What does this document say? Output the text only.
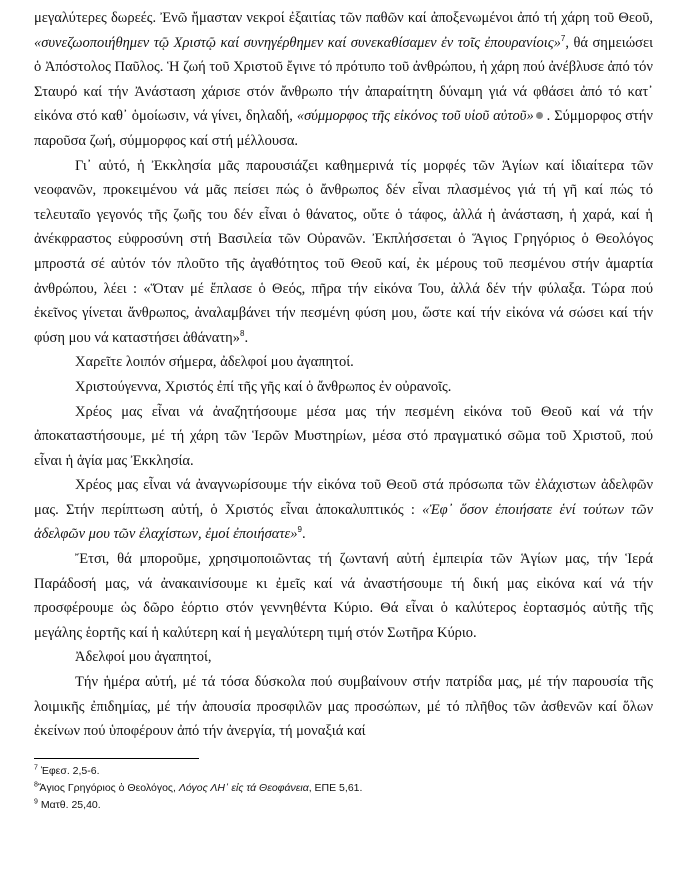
μεγαλύτερες δωρεές. Ἐνῶ ἤμασταν νεκροί ἐξαιτίας τῶν παθῶν καί ἀποξενωμένοι ἀπό τή χάρη τοῦ Θεοῦ, «συνεζωοποιήθημεν τῷ Χριστῷ καί συνηγέρθημεν καί συνεκαθίσαμεν ἐν τοῖς ἐπουρανίοις»$^7$, θά σημειώσει ὁ Ἀπόστολος Παῦλος. Ἡ ζωή τοῦ Χριστοῦ ἔγινε τό πρότυπο τοῦ ἀνθρώπου, ἡ χάρη πού ἀνέβλυσε ἀπό τόν Σταυρό καί τήν Ἀνάσταση χάρισε στόν ἄνθρωπο τήν ἀπαραίτητη δύναμη γιά νά φθάσει ἀπό τό κατ᾽ εἰκόνα στό καθ᾽ ὁμοίωσιν, νά γίνει, δηλαδή, «σύμμορφος τῆς εἰκόνος τοῦ υἱοῦ αὐτοῦ» . Σύμμορφος στήν παροῦσα ζωή, σύμμορφος καί στή μέλλουσα.

Γι᾽ αὐτό, ἡ Ἐκκλησία μᾶς παρουσιάζει καθημερινά τίς μορφές τῶν Ἁγίων καί ἰδιαίτερα τῶν νεοφανῶν, προκειμένου νά μᾶς πείσει πώς ὁ ἄνθρωπος δέν εἶναι πλασμένος γιά τή γῆ καί πώς τό τελευταῖο γεγονός τῆς ζωῆς του δέν εἶναι ὁ θάνατος, οὔτε ὁ τάφος, ἀλλά ἡ ἀνάσταση, ἡ χαρά, καί ἡ ἀνέκφραστος εὐφροσύνη στή Βασιλεία τῶν Οὐρανῶν. Ἐκπλήσσεται ὁ Ἅγιος Γρηγόριος ὁ Θεολόγος μπροστά σέ αὐτόν τόν πλοῦτο τῆς ἀγαθότητος τοῦ Θεοῦ καί, ἐκ μέρους τοῦ πεσμένου στήν ἁμαρτία ἀνθρώπου, λέει : «Ὅταν μέ ἔπλασε ὁ Θεός, πῆρα τήν εἰκόνα Του, ἀλλά δέν τήν φύλαξα. Τώρα πού ἐκεῖνος γίνεται ἄνθρωπος, ἀναλαμβάνει τήν πεσμένη φύση μου, ὥστε καί τήν εἰκόνα νά σώσει καί τήν φύση μου νά καταστήσει ἀθάνατη»$^8$.

Χαρεῖτε λοιπόν σήμερα, ἀδελφοί μου ἀγαπητοί.

Χριστούγεννα, Χριστός ἐπί τῆς γῆς καί ὁ ἄνθρωπος ἐν οὐρανοῖς.

Χρέος μας εἶναι νά ἀναζητήσουμε μέσα μας τήν πεσμένη εἰκόνα τοῦ Θεοῦ καί νά τήν ἀποκαταστήσουμε, μέ τή χάρη τῶν Ἱερῶν Μυστηρίων, μέσα στό πραγματικό σῶμα τοῦ Χριστοῦ, πού εἶναι ἡ ἁγία μας Ἐκκλησία.

Χρέος μας εἶναι νά ἀναγνωρίσουμε τήν εἰκόνα τοῦ Θεοῦ στά πρόσωπα τῶν ἐλάχιστων ἀδελφῶν μας. Στήν περίπτωση αὐτή, ὁ Χριστός εἶναι ἀποκαλυπτικός : «Ἐφ᾽ ὅσον ἐποιήσατε ἑνί τούτων τῶν ἀδελφῶν μου τῶν ἐλαχίστων, ἐμοί ἐποιήσατε»$^9$.

Ἔτσι, θά μποροῦμε, χρησιμοποιῶντας τή ζωντανή αὐτή ἐμπειρία τῶν Ἁγίων μας, τήν Ἱερά Παράδοσή μας, νά ἀνακαινίσουμε κι ἐμεῖς καί νά ἀναστήσουμε τή δική μας εἰκόνα καί νά τήν προσφέρουμε ὡς δῶρο ἑόρτιο στόν γεννηθέντα Κύριο. Θά εἶναι ὁ καλύτερος ἑορτασμός αὐτῆς τῆς μεγάλης ἑορτῆς καί ἡ καλύτερη καί ἡ μεγαλύτερη τιμή στόν Σωτῆρα Κύριο.

Ἀδελφοί μου ἀγαπητοί,

Τήν ἡμέρα αὐτή, μέ τά τόσα δύσκολα πού συμβαίνουν στήν πατρίδα μας, μέ τήν παρουσία τῆς λοιμικῆς ἐπιδημίας, μέ τήν ἀπουσία προσφιλῶν μας προσώπων, μέ τό πλῆθος τῶν ἀσθενῶν καί ὅλων ἐκείνων πού ὑποφέρουν ἀπό τήν ἀνεργία, τή μοναξιά καί

$^7$ Ἐφεσ. 2,5-6.
$^8$Ἅγιος Γρηγόριος ὁ Θεολόγος, Λόγος ΛΗ᾽ εἰς τά Θεοφάνεια, ΕΠΕ 5,61.
$^9$ Ματθ. 25,40.
